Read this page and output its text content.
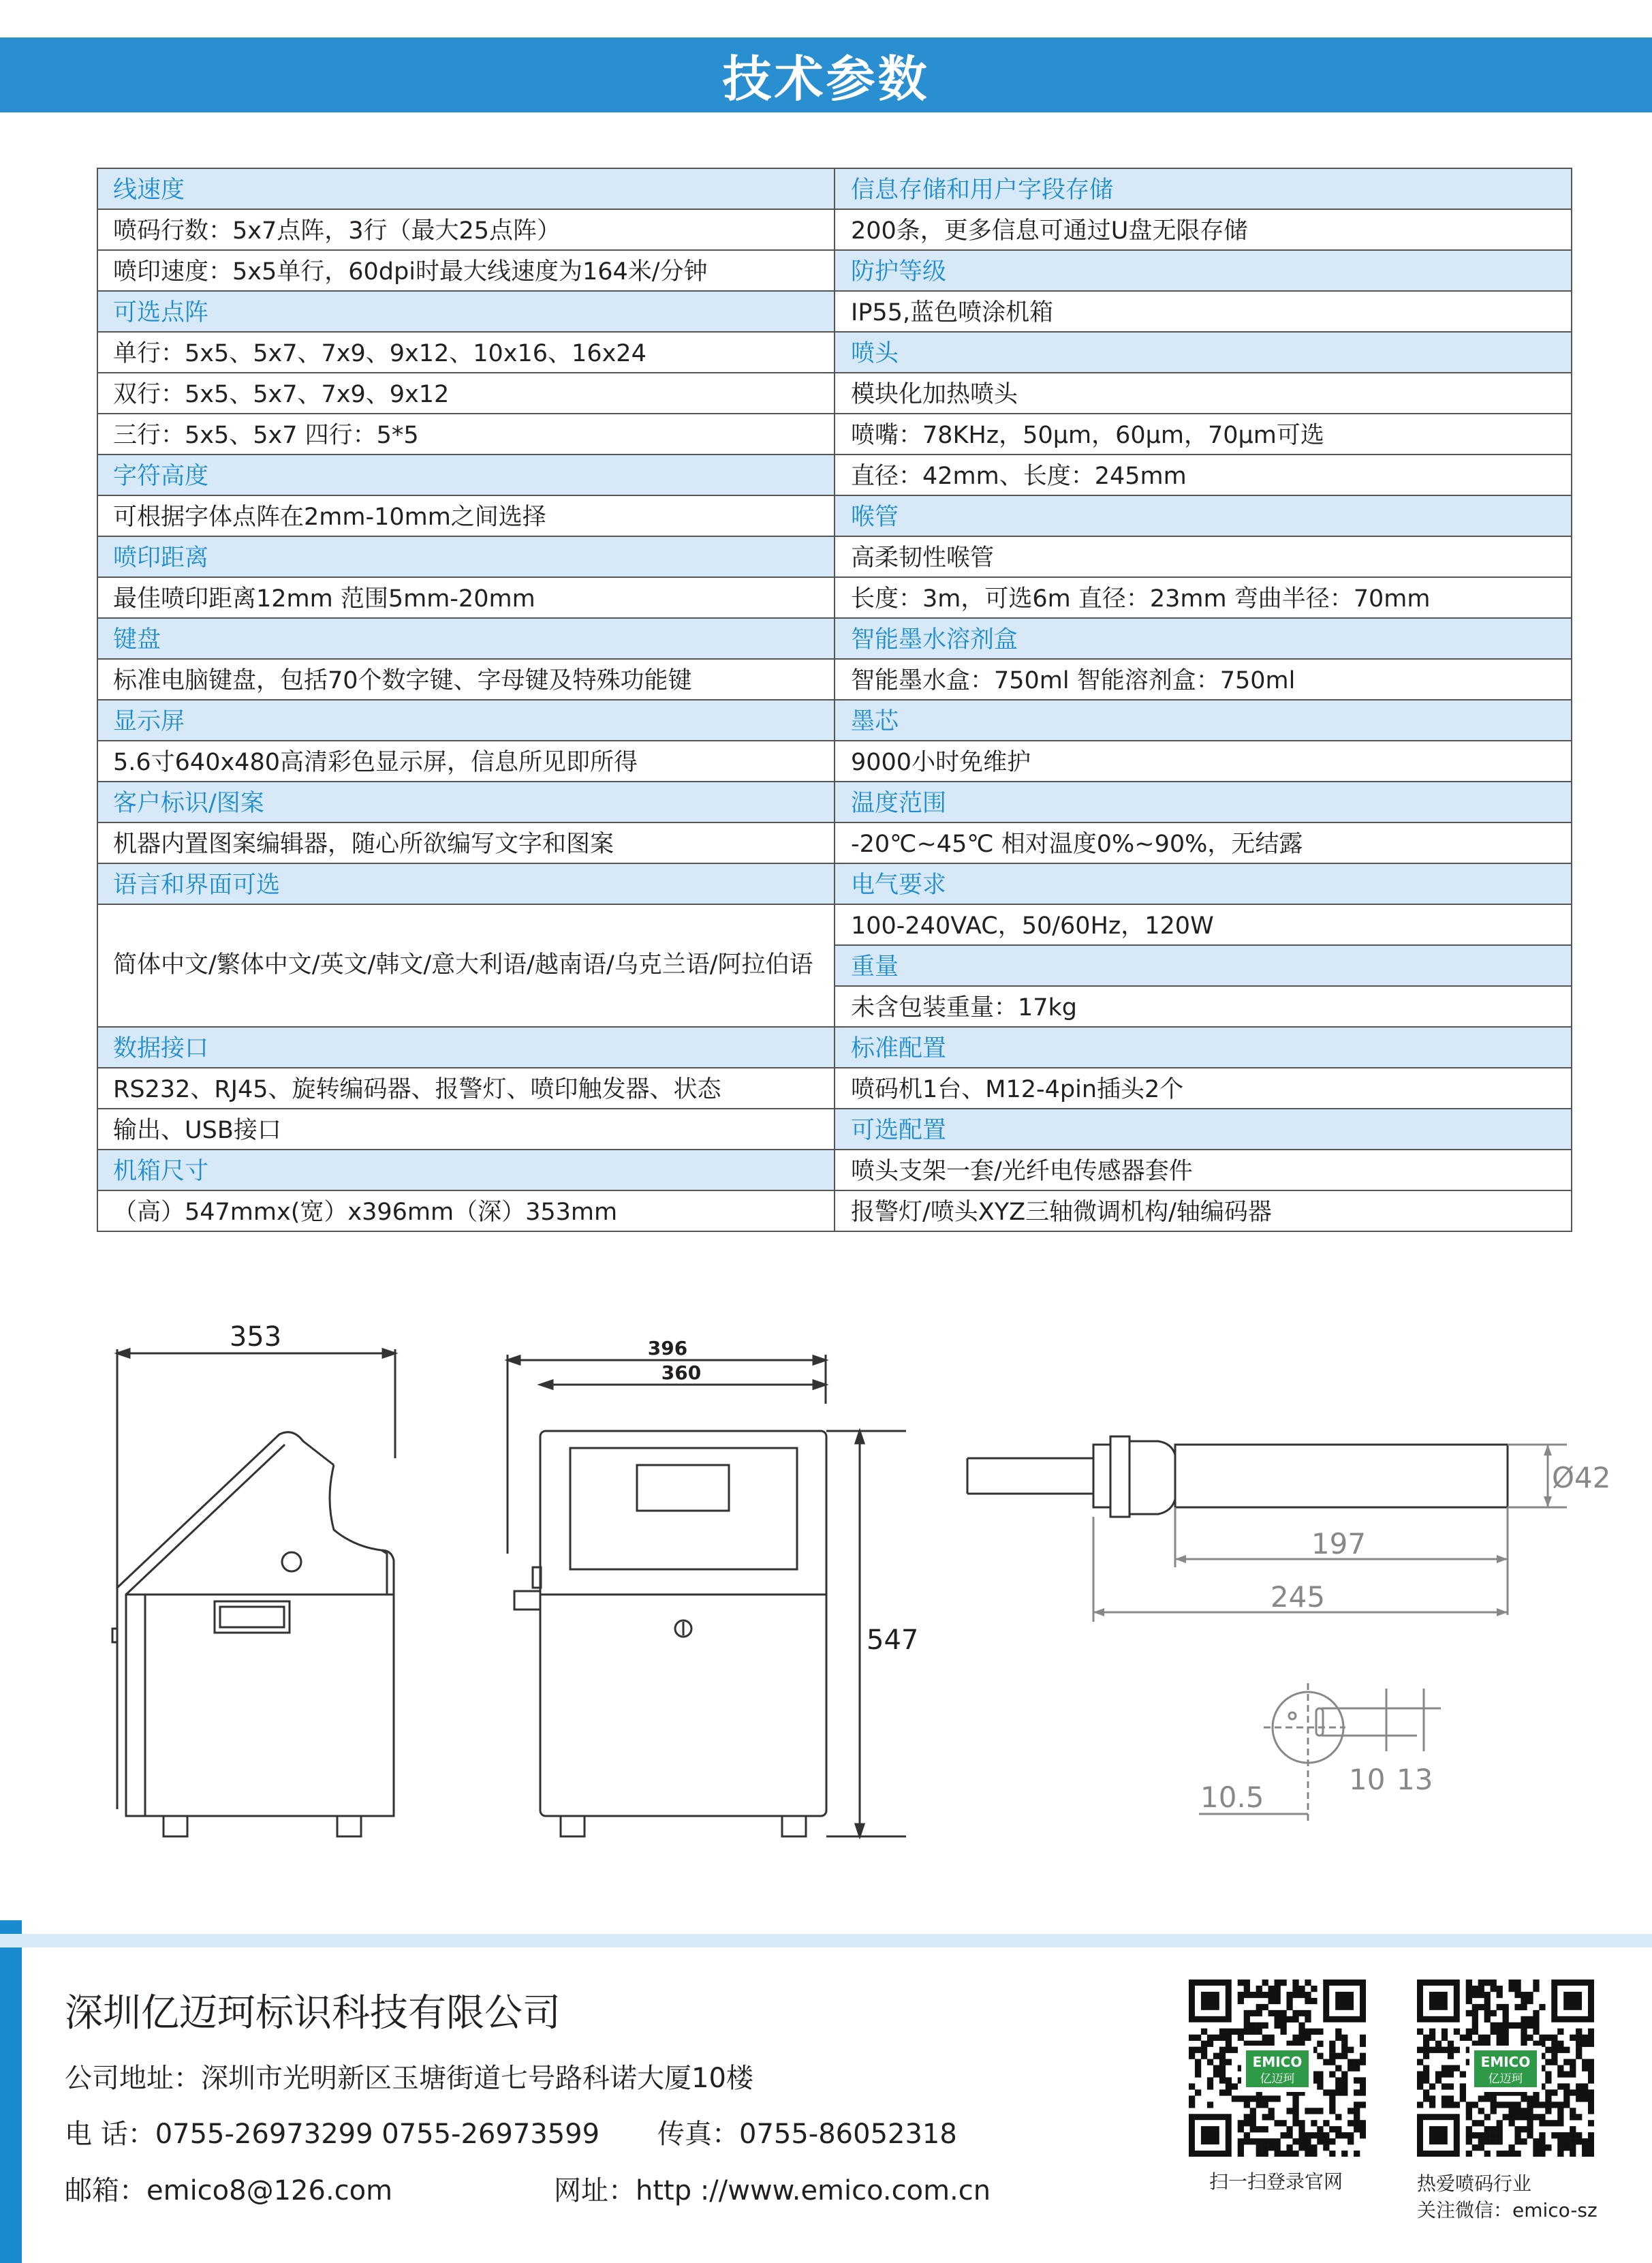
技术参数
线速度
喷码行数：5x7点阵，3行（最大25点阵）
喷印速度：5x5单行，60dpi时最大线速度为164米/分钟
可选点阵
单行：5x5、5x7、7x9、9x12、10x16、16x24
双行：5x5、5x7、7x9、9x12
三行：5x5、5x7 四行：5*5
字符高度
可根据字体点阵在2mm-10mm之间选择
喷印距离
最佳喷印距离12mm 范围5mm-20mm
键盘
标准电脑键盘，包括70个数字键、字母键及特殊功能键
显示屏
5.6寸640x480高清彩色显示屏，信息所见即所得
客户标识/图案
机器内置图案编辑器，随心所欲编写文字和图案
语言和界面可选
简体中文/繁体中文/英文/韩文/意大利语/ 越南语/乌克兰语/阿拉伯语
数据接口
RS232、RJ45、旋转编码器、报警灯、喷印触发器、状态
输出、USB接口
机箱尺寸
（高）547mmx(宽）x396mm（深）353mm
信息存储和用户字段存储
200条，更多信息可通过U盘无限存储
防护等级
IP55,蓝色喷涂机箱
喷头
模块化加热喷头
喷嘴：78KHz，50μm，60μm，70μm可选
直径：42mm、长度：245mm
喉管
高柔韧性喉管
长度：3m，可选6m 直径：23mm 弯曲半径：70mm
智能墨水溶剂盒
智能墨水盒：750ml 智能溶剂盒：750ml
墨芯
9000小时免维护
温度范围
-20℃~45℃ 相对温度0%~90%，无结露
电气要求
100-240VAC，50/60Hz，120W
重量
未含包装重量：17kg
标准配置
喷码机1台、M12-4pin插头2个
可选配置
喷头支架一套/光纤电传感器套件
报警灯/喷头XYZ三轴微调机构/轴编码器
353	396
360
547
Ø42
197
245
10 13
10.5
深圳亿迈珂标识科技有限公司
公司地址：深圳市光明新区玉塘街道七号路科诺大厦10楼
电 话：0755-26973299 0755-26973599 传真：0755-86052318
邮箱：emico8@126.com	网址：http ://www.emico.com.cn
EMICO
亿迈珂
扫一扫登录官网
EMICO
亿迈珂
热爱喷码行业
关注微信：emico-sz
